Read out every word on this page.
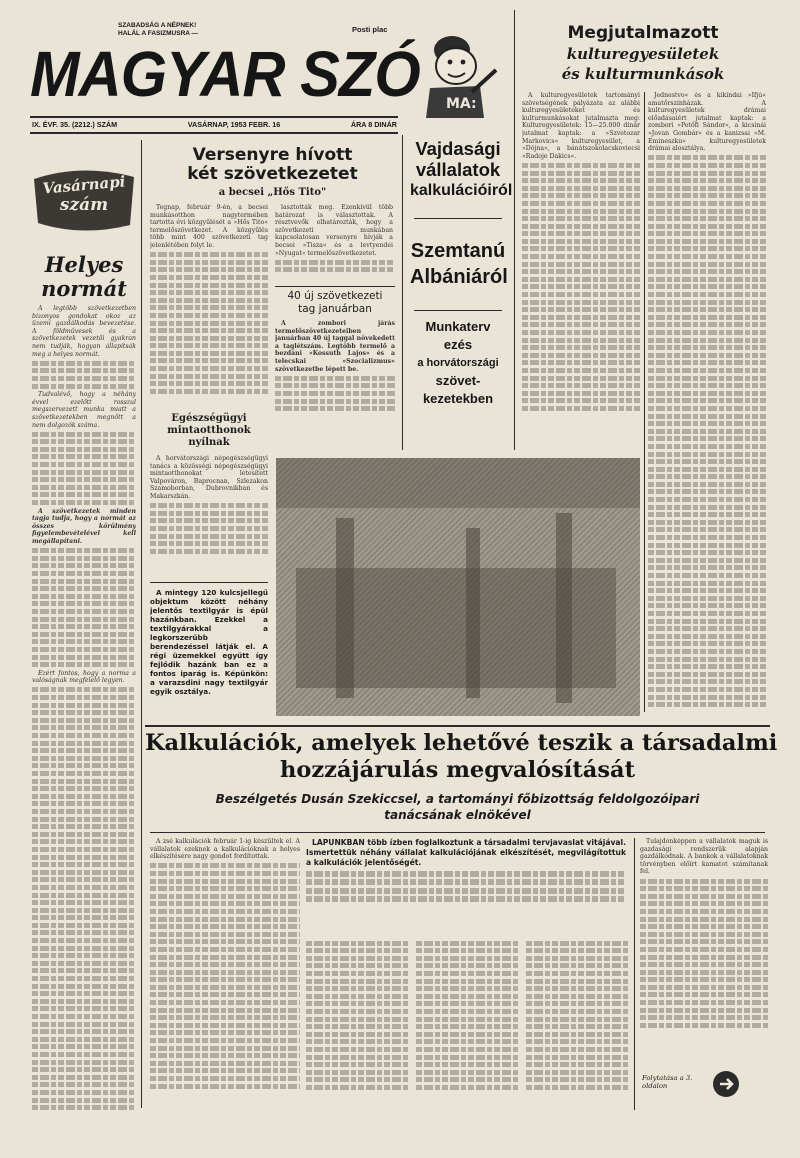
SZABADSÁG A NÉPNEK!
HALÁL A FASIZMUSRA —	Posti plac
MAGYAR SZÓ
IX. ÉVF. 35. (2212.) SZÁM	VASÁRNAP, 1953 FEBR. 16	ÁRA 8 DINÁR
MA:
Vasárnapi
szám
Helyes
normát

A legtöbb szövetkezetben bizonyos gondokat okoz az üzemi gazdálkodás bevezetése. A földművesek és a szövetkezetek vezetői gyakran nem tudják, hogyan állapítsák meg a helyes normát.

Tudvalévő, hogy a néhány évvel ezelőtt rosszul megszervezett munka miatt a szövetkezetekben megnőtt a nem dolgozók száma.

A szövetkezetek minden tagja tudja, hogy a normát az összes körülmény figyelembevételével kell megállapítani.

Ezért fontos, hogy a norma a valóságnak megfelelő legyen.

Versenyre hívott
két szövetkezetet
a becsei „Hős Tito"

Tegnap, február 9-én, a becsei munkásotthon nagytermében tartotta évi közgyűlését a »Hős Tito« termelőszövetkezet. A közgyűlés több mint 400 szövetkezeti tag jelenlétében folyt le.

lasztották meg. Ezenkívül több határozat is választottak. A résztvevők elhatározták, hogy a szövetkezeti munkában kapcsolatosan versenyre hívják a becsei »Tisza« és a levtyendei »Nyugat« termelőszövetkezetet.

40 új szövetkezeti
tag januárban

A zombori járás termelőszövetkezeteiben januárban 40 új taggal növekedett a taglétszám. Legtöbb termelő a bezdáni »Kossuth Lajos« és a telecskai »Szocializmus« szövetkezetbe lépett be.

Egészségügyi
mintaotthonok
nyílnak

A horvátországi népegészségügyi tanács a közösségi népegészségügyi mintaotthonokat létesített Valpováron, Baprocnan, Szlezakon Szamoborban, Dubrovnikban és Makarszkán.

A mintegy 120 kulcsjellegű objektum között néhány jelentős textilgyár is épül hazánkban. Ezekkel a textilgyárakkal a legkorszerűbb berendezéssel látják el. A régi üzemekkel együtt így fejlődik hazánk ban ez a fontos iparág is. Képünkön: a varazsdini nagy textilgyár egyik osztálya.

Vajdasági
vállalatok
kalkulációiról
Szemtanú
Albániáról
Munkaterv ezés
a horvátországi
szövet-
kezetekben
Megjutalmazott
kulturegyesületek
és kulturmunkások

A kulturegyesületek tartományi szövetségének pályázata az alábbi kulturegyesületeket és kulturmunkásokat jutalmazta meg: Kulturegyesületek: 15—25.000 dinár jutalmat kaptak: a »Szvetozar Markovics« kulturegyesület, a »Dójna«, a bánátszokolacskoviecsi »Radoje Dakics«.

Jednestvo« és a kikindai »Ifjú« amatőrszínházak. A kulturegyesületek drámai előadásaiért jutalmat kaptak: a zombori »Petőfi Sándor«, a kicsinái »Jovan Gombár« és a kanizsai »M. Emineszku« kulturegyesületek drámai alosztálya.

Kalkulációk, amelyek lehetővé teszik a társadalmi
hozzájárulás megvalósítását
Beszélgetés Dusán Szekiccsel, a tartományi főbizottság feldolgozóipari
tanácsának elnökével

A zsé kalkulációk február 1-ig készültek el. A vállalatok ezeknek a kalkulációknak a helyes elkészítésére nagy gondot fordítottak.

LAPUNKBAN több ízben foglalkoztunk a társadalmi tervjavaslat vitájával. Ismertettük néhány vállalat kalkulációjának elkészítését, megvilágítottuk a kalkulációk jelentőségét.

Tulajdonképpen a vállalatok maguk is gazdasági rendszerük alapján gazdálkodnak. A bankok a vállalatoknak törvényben előírt kamatot számítanak fel.

Folytatása a 3. oldalon
